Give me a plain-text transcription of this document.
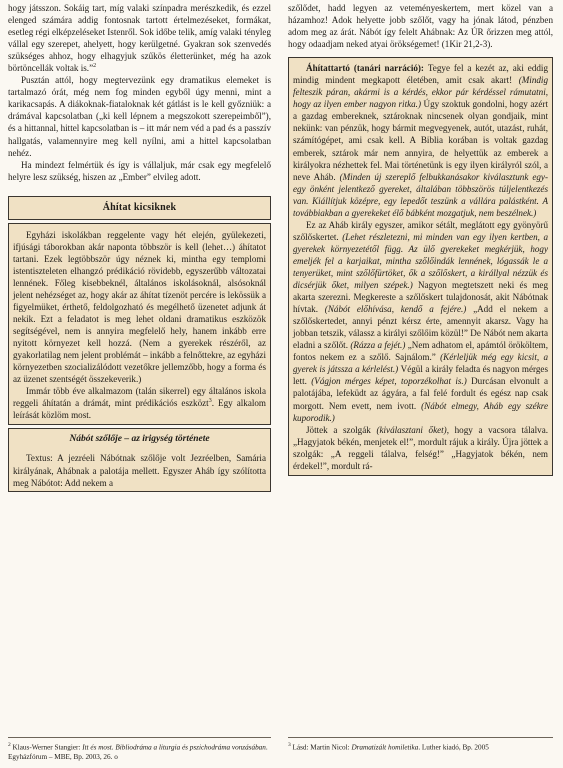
hogy játsszon. Sokáig tart, míg valaki színpadra merészkedik, és ezzel elenged számára addig fontosnak tartott értelmezéseket, formákat, esetleg régi elképzeléseket Istenről. Sok időbe telik, amíg valaki tényleg vállal egy szerepet, ahelyett, hogy kerülgetné. Gyakran sok szenvedés szükséges ahhoz, hogy elhagyjuk szűkös életterünket, még ha azok börtöncellák voltak is.”$^2$

Pusztán attól, hogy megtervezünk egy dramatikus elemeket is tartalmazó órát, még nem fog minden egyből úgy menni, mint a karikacsapás. A diákoknak-fiataloknak két gátlást is le kell győzniük: a drámával kapcsolatban („ki kell lépnem a megszokott szerepeimből”), és a hittannal, hittel kapcsolatban is – itt már nem véd a pad és a passzív hallgatás, valamennyire meg kell nyílni, ami a hittel kapcsolatban nehéz.

Ha mindezt felmértük és így is vállaljuk, már csak egy megfelelő helyre lesz szükség, hiszen az „Ember” elvileg adott.

Áhítat kicsiknek

Egyházi iskolákban reggelente vagy hét elején, gyülekezeti, ifjúsági táborokban akár naponta többször is kell (lehet…) áhítatot tartani. Ezek legtöbbször úgy néznek ki, mintha egy templomi istentiszteleten elhangzó prédikáció rövidebb, egyszerűbb változatai lennének. Főleg kisebbeknél, általános iskolásoknál, alsósoknál jelent nehézséget az, hogy akár az áhítat tízenöt percére is lekössük a figyelmüket, érthető, feldolgozható és megélhető üzenetet adjunk át nekik. Ezt a feladatot is meg lehet oldani dramatikus eszközök segítségével, nem is annyira megfelelő hely, hanem inkább erre nyitott környezet kell hozzá. (Nem a gyerekek részéről, az gyakorlatilag nem jelent problémát – inkább a felnőttekre, az egyházi környezetben szocializálódott vezetőkre jellemzőbb, hogy a forma és az üzenet szentségét összekeverik.)

Immár több éve alkalmazom (talán sikerrel) egy általános iskola reggeli áhítatán a drámát, mint prédikációs eszközt$^3$. Egy alkalom leírását közlöm most.

Nábót szőlője – az irigység története

Textus: A jezréeli Nábótnak szőlője volt Jezréelben, Samária királyának, Ahábnak a palotája mellett. Egyszer Aháb így szólította meg Nábótot: Add nekem a

szőlődet, hadd legyen az veteményeskertem, mert közel van a házamhoz! Adok helyette jobb szőlőt, vagy ha jónak látod, pénzben adom meg az árát. Nábót így felelt Ahábnak: Az ÚR őrizzen meg attól, hogy odaadjam neked atyai örökségemet! (1Kir 21,2-3).

Áhítattartó (tanári narráció): Tegye fel a kezét az, aki eddig mindig mindent megkapott életében, amit csak akart! (Mindig felteszik páran, akármi is a kérdés, ekkor pár kérdéssel rámutatni, hogy az ilyen ember nagyon ritka.) Úgy szoktuk gondolni, hogy azért a gazdag embereknek, sztároknak nincsenek olyan gondjaik, mint nekünk: van pénzük, hogy bármit megvegyenek, autót, utazást, ruhát, számítógépet, ami csak kell. A Bibliа korában is voltak gazdag emberek, sztárok már nem annyira, de helyettük az emberek a királyokra nézhettek fel. Mai történetünk is egy ilyen királyról szól, a neve Aháb. (Minden új szereplő felbukkanásakor kiválasztunk egy-egy önként jelentkező gyereket, általában többszörös túljelentkezés van. Kiállítjuk középre, egy lepedőt teszünk a vállára palástként. A továbbiakban a gyerekeket élő bábként mozgatjuk, nem beszélnek.)

Ez az Aháb király egyszer, amikor sétált, meglátott egy gyönyörű szőlőskertet. (Lehet részletezni, mi minden van egy ilyen kertben, a gyerekek környezetétől függ. Az ülő gyerekeket megkérjük, hogy emeljék fel a karjaikat, mintha szőlőindák lennének, lógassák le a tenyerüket, mint szőlőfürtöket, ők a szőlőskert, a királlyal nézzük és dicsérjük őket, milyen szépek.) Nagyon megtetszett neki és meg akarta szerezni. Megkereste a szőlőskert tulajdonosát, akit Nábótnak hívtak. (Nábót előhívása, kendő a fejére.) „Add el nekem a szőlőskertedet, annyi pénzt kérsz érte, amennyit akarsz. Vagy ha jobban tetszik, válassz a királyi szőlőim közül!” De Nábót nem akarta eladni a szőlőt. (Rázza a fejét.) „Nem adhatom el, apámtól örököltem, fontos nekem ez a szőlő. Sajnálom.” (Kérleljük még egy kicsit, a gyerek is játssza a kérlelést.) Végül a király feladta és nagyon mérges lett. (Vágjon mérges képet, toporzékolhat is.) Durcásan elvonult a palotájába, lefeküdt az ágyára, a fal felé fordult és egész nap csak morgott. Nem evett, nem ivott. (Nábót elmegy, Aháb egy székre kuporodik.)

Jöttek a szolgák (kiválasztani őket), hogy a vacsora tálalva. „Hagyjatok békén, menjetek el!”, mordult rájuk a király. Újra jöttek a szolgák: „A reggeli tálalva, felség!” „Hagyjatok békén, nem érdekel!”, mordult rá-

$^2$ Klaus-Werner Stangier: Itt és most. Bibliodráma a liturgia és pszichodráma vonzásában. Egyházfórum – MBE, Bp. 2003, 26. o
$^3$ Lásd: Martin Nicol: Dramatizált homiletika. Luther kiadó, Bp. 2005
